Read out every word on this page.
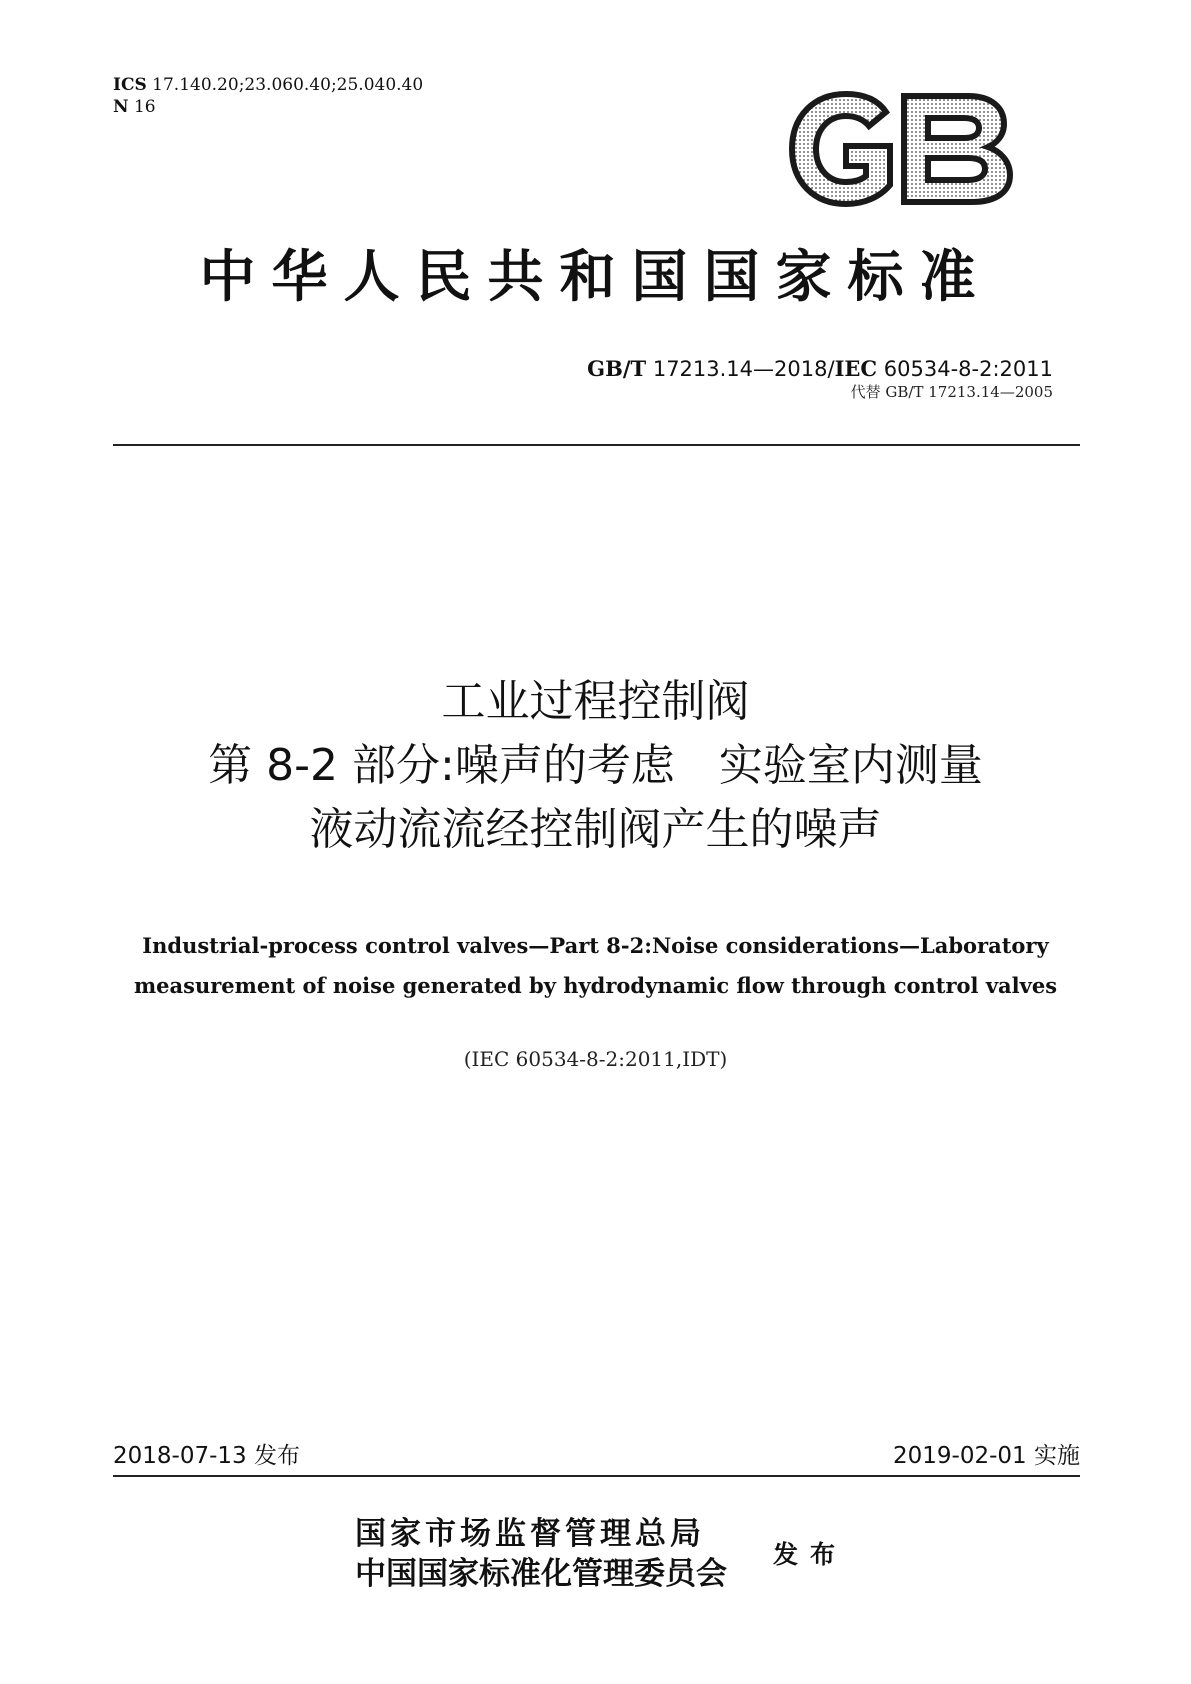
ICS 17.140.20;23.060.40;25.040.40
N 16
GB
中华人民共和国国家标准
GB/T 17213.14—2018/IEC 60534-8-2:2011
代替 GB/T 17213.14—2005
工业过程控制阀
第 8-2 部分:噪声的考虑　实验室内测量
液动流流经控制阀产生的噪声
Industrial-process control valves—Part 8-2:Noise considerations—Laboratory
measurement of noise generated by hydrodynamic flow through control valves
(IEC 60534-8-2:2011,IDT)
2018-07-13 发布	2019-02-01 实施
国家市场监督管理总局
中国国家标准化管理委员会
发布
